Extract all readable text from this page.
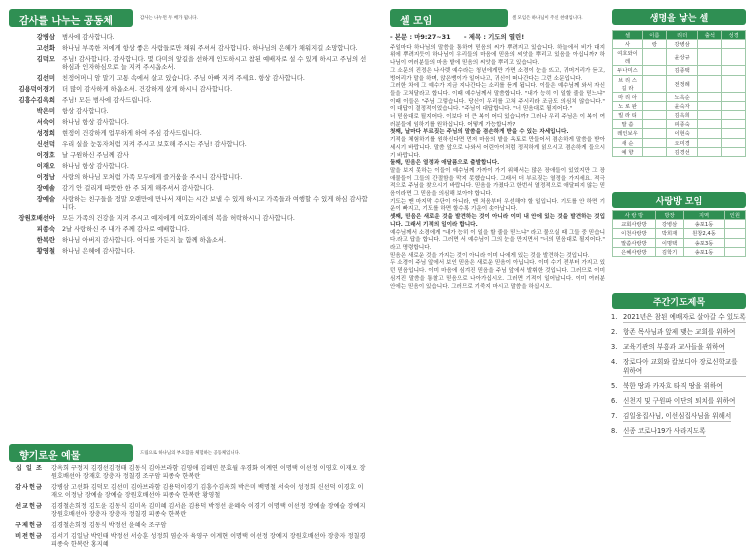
감사를 나누는 공동체	감사는 나누면 두 배가 됩니다.
강병삼	범사에 감사합니다.
고선화	하나님 부족한 저에게 항상 좋은 사람들로만 채워 주셔서 감사합니다. 하나님의 은혜가 채워지길 소망합니다.
김덕모	주님! 감사합니다. 감사합니다. 몇 다미의 앞길을 선하게 인도하시고 참된 예배자로 설 수 있게 하시고 주님의 선하심과 인자하심으로 늘 지켜 주시옵소서.
김선미	친정어머니 암 말기 고통 속에서 살고 있습니다. 주님 아빠 지켜 주세요. 항상 감사합니다.
김용덕이경기	더 많이 감사하게 하옵소서. 건강하게 살게 하시니 감사합니다.
김흥수김옥희	주님! 모든 범사에 감사드립니다.
박은미	항상 감사합니다.
서숙이	하나님 항상 감사합니다.
성정희	현정이 건강하게 업무하게 하여 주심 감사드립니다.
신선덕	우리 실을 눈동자처럼 지켜 주시고 보호해 주시는 주님! 감사합니다.
이경호	날 구원하신 주님께 감사
이재오	하나님 항상 감사합니다.
이정남	사랑의 하나님 모처럼 가족 모두에게 즐거움을 주시니 감사합니다.
장예솔	감기 안 걸리게 따뜻한 한 주 되게 해주셔서 감사합니다.
장예슬	사랑하는 친구들을 정말 오랜만에 만나서 재미는 시간 보낼 수 있게 하시고 가족들과 여행할 수 있게 하심 감사합니다.
장원호배선아	모든 가족의 건강을 지켜 주시고 예지에게 여호와이레의 복을 허락하시니 감사합니다.
피종숙	2날 사랑하신 주 내가 주께 감사로 예배합니다.
한복란	하나님 아버지 감사합니다. 어디를 가든지 늘 함께 하옵소서.
황영철	하나님 은혜에 감사합니다.
향기로운 예물	드림으로 하나님의 부요함을 체험하는 공동체입니다.
십 일 조	강옥희 구정지 김경선김정태 김동식 김아브라함 김영애 김혜민 문효월 우경화 이계연 이명택 이선정 이영호 이재오 장원호배선아 장재호 장충자 정칠경 조구암 피종숙 한복란
감사헌금	강병삼 고선화 김덕모 김선미 김아브라함 김용덕이경기 김흥수김옥희 박은미 백명철 서숙이 성정희 신선덕 이경호 이재오 이정남 장예솔 장예슬 장원호배선아 피종숙 한복란 황영철
선교헌금	김경철손희정 김도윤 김동식 김미옥 김미혜 김서윤 김용덕 박정선 윤혜숙 이경기 이명택 이선정 장예솔 장예슬 장예지 장원호배선아 장충자 장충자 정칠경 피종숙 한복란
구제헌금	김경철손희정 김동식 박정선 윤혜숙 조구암
비전헌금	김서기 김일남 박인태 박정선 서승훈 성정희 염순자 육영구 이계현 이명택 이선정 장예지 장원호배선아 장충자 정칠경 피종숙 한복란 홍지혜
셀 모임	셀 모임은 하나님이 주신 천대입니다.
- 본문 : 마9:27~31 - 제목 : 기도의 열린!

주일마다 하나님의 말씀을 통하여 믿음의 씨가 뿌려지고 있습니다. 하늘에서 비가 대지 위에 뿌려지듯이 하나님이 우리들의 마음에 믿음의 씨앗을 뿌리고 있음을 아십니까? 하나님이 여러분들의 마음 밭에 믿음의 씨앗을 뿌리고 있습니다.

그 소문의 진정은 나사렛 예수라는 청년에게만 가면 소경이 눈을 뜨고, 귀머거리가 듣고, 벙어리가 말을 하며, 앉은뱅이가 일어나고, 귀신이 떠나간다는 그런 소문입니다.

그러한 차에 그 예수가 지금 지나간다는 소리를 듣게 됩니다. 이들은 예수님께 와서 자신들을 고쳐달라고 합니다. 이때 예수님께서 말씀합니다. "내가 능히 이 일할 줄을 믿느냐" 이때 이들은 "주님 그렇습니다. 당신이 우리를 고쳐 주시리라 조금도 의심치 않습니다." 이 대답이 결정적이었습니다. "주님이 대답합니다. "너 믿음대로 될지어다."

너 믿음대로 될지어다. 이보다 더 큰 복이 어디 있습니까? 그러나 우리 주님은 이 복이 여러분들에 임하기를 원하십니다. 어떻게 가능합니까?

첫째, 날마다 부르짖는 주님의 말씀을 겸손하게 받을 수 있는 자세입니다.

기적을 체험하기를 원하신다면 먼저 마음의 밭을 옥토로 만들어서 겸손하게 말씀을 받아 세시기 바랍니다. 말씀 앞으로 나와서 어린아이처럼 정직하게 읽으시고 겸손하게 들으시기 바랍니다.

둘째, 믿음은 열정과 애달픔으로 출발합니다.

말을 보지 못하는 이들이 예수님께 가까이 가기 위해서는 많은 장애들이 있었지만 그 장애물들이 그들의 간절함을 막지 못했습니다. 그래서 더 부르짖는 열정을 가지세요. 적극적으로 주님을 찾으시기 바랍니다. 믿음을 가졌다고 한번서 열정적으로 애달피지 않는 믿음이라면 그 믿음을 의심해 보아야 합니다.

기도는 맨 마지막 수단이 아니라, 맨 처음부터 우선해야 할 일입니다. 기도를 안 하면 기운이 빠지고, 기도를 하면 할수록 기운이 솟아납니다.

셋째, 믿음은 새로운 것을 발견하는 것이 아니라 이미 내 안에 있는 것을 발견하는 것입니다. 그래서 기적의 일이라 합니다.

예수님께서 소경에게 "내가 능히 이 일을 할 줄을 믿느냐" 라고 물으실 때 그들 중 믿습니다.라고 답을 합니다. 그러면 서 예수님이 그의 눈을 만지면서 "너의 믿음대로 될지어다." 라고 명령합니다.

믿음은 새로운 것을 가지는 것이 아니라 이미 나에게 있는 것을 발견하는 것입니다.

두 소경이 주님 앞에서 보인 믿음은 새로운 믿음이 아닙니다. 이미 수기 전부터 가지고 있던 믿음입니다. 이미 마음에 심겨진 믿음을 주님 앞에서 발휘한 것입니다. 그러므로 이미 심겨진 말씀을 통찰고 믿음으로 나아가십시오. 그러면 기적이 일어납니다. 이미 여러분 안에는 믿음이 있습니다. 그러므로 기죽지 마시고 말씀을 하십시오.

생명을 낳는 셀
셀	이름	리더	출석	성경
사	랑	강병삼		
여호와이레		윤상규		
두나미스		김종택		
브 리 스 길 라		전정례		
마 리 아		노옥순		
노 로 완		윤숙자		
빌 라 티		김옥희		
말 씀		피종숙		
레인보우		이현숙		
새 순		오미경		
예 향		김경선		
사랑방 모임
사 랑 방	방장	지역	인원
교회사랑방	강병삼	송포1동	
이천사랑방	박희재	원창2,4동	
말씀사랑방	이명택	송포3동	
은혜사랑방	김학기	송포1동	
주간기도제목
1. 2021년은 참된 예배자로 살아갈 수 있도록
2. 항존 목사님과 앞제 맺는 교회를 위하여
3. 교육기관의 부흥과 교사들을 위하여
4. 장로다아 교회와 칼보디아 장로신학교를 위하여
5. 북한 땅과 카자흐 타직 땅을 위하여
6. 신천지 및 구원파 이단의 퇴치를 위하여
7. 김일웅집사님, 이선심집사님을 위해서
8. 신종 코로나19가 사라지도록
